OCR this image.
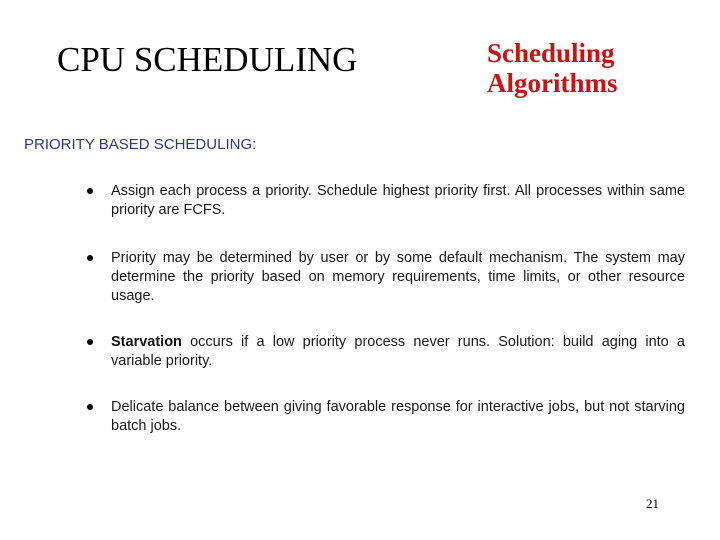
CPU SCHEDULING	Scheduling
Algorithms
PRIORITY BASED SCHEDULING:
Assign each process a priority. Schedule highest priority first. All processes within same priority are FCFS.
Priority may be determined by user or by some default mechanism. The system may determine the priority based on memory requirements, time limits, or other resource usage.
Starvation occurs if a low priority process never runs. Solution: build aging into a variable priority.
Delicate balance between giving favorable response for interactive jobs, but not starving batch jobs.
21
